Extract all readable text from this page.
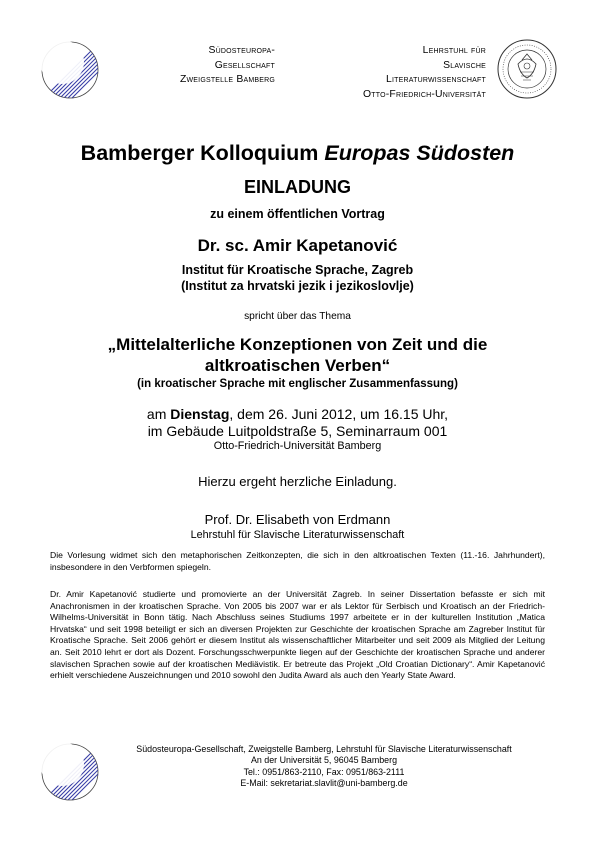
Südosteuropa-
Gesellschaft
Zweigstelle Bamberg
Lehrstuhl für
Slavische
Literaturwissenschaft
Otto-Friedrich-Universität
Bamberger Kolloquium Europas Südosten
EINLADUNG
zu einem öffentlichen Vortrag
Dr. sc. Amir Kapetanović
Institut für Kroatische Sprache, Zagreb
(Institut za hrvatski jezik i jezikoslovlje)
spricht über das Thema
„Mittelalterliche Konzeptionen von Zeit und die
altkroatischen Verben“
(in kroatischer Sprache mit englischer Zusammenfassung)
am Dienstag, dem 26. Juni 2012, um 16.15 Uhr,
im Gebäude Luitpoldstraße 5, Seminarraum 001
Otto-Friedrich-Universität Bamberg
Hierzu ergeht herzliche Einladung.
Prof. Dr. Elisabeth von Erdmann
Lehrstuhl für Slavische Literaturwissenschaft
Die Vorlesung widmet sich den metaphorischen Zeitkonzepten, die sich in den altkroatischen Texten (11.-16. Jahrhundert), insbesondere in den Verbformen spiegeln.
Dr. Amir Kapetanović studierte und promovierte an der Universität Zagreb. In seiner Dissertation befasste er sich mit Anachronismen in der kroatischen Sprache. Von 2005 bis 2007 war er als Lektor für Serbisch und Kroatisch an der Friedrich-Wilhelms-Universität in Bonn tätig. Nach Abschluss seines Studiums 1997 arbeitete er in der kulturellen Institution „Matica Hrvatska“ und seit 1998 beteiligt er sich an diversen Projekten zur Geschichte der kroatischen Sprache am Zagreber Institut für Kroatische Sprache. Seit 2006 gehört er diesem Institut als wissenschaftlicher Mitarbeiter und seit 2009 als Mitglied der Leitung an. Seit 2010 lehrt er dort als Dozent. Forschungsschwerpunkte liegen auf der Geschichte der kroatischen Sprache und anderer slavischen Sprachen sowie auf der kroatischen Mediävistik. Er betreute das Projekt „Old Croatian Dictionary“. Amir Kapetanović erhielt verschiedene Auszeichnungen und 2010 sowohl den Judita Award als auch den Yearly State Award.
Südosteuropa-Gesellschaft, Zweigstelle Bamberg, Lehrstuhl für Slavische Literaturwissenschaft
An der Universität 5, 96045 Bamberg
Tel.: 0951/863-2110, Fax: 0951/863-2111
E-Mail: sekretariat.slavlit@uni-bamberg.de
